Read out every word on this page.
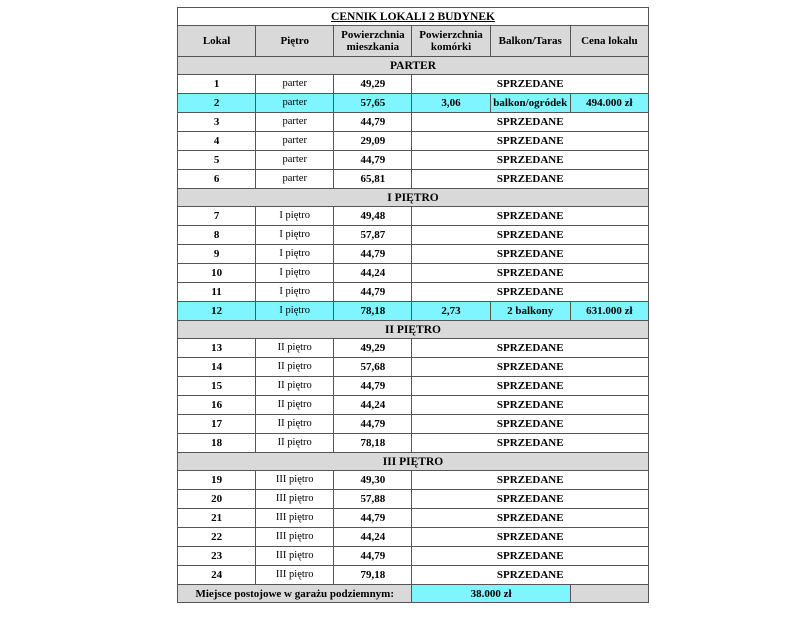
CENNIK LOKALI 2 BUDYNEK					
Lokal	Piętro	Powierzchnia mieszkania	Powierzchnia komórki	Balkon/Taras	Cena lokalu
PARTER					
1	parter	49,29	SPRZEDANE		
2	parter	57,65	3,06	balkon/ogródek	494.000 zł
3	parter	44,79	SPRZEDANE		
4	parter	29,09	SPRZEDANE		
5	parter	44,79	SPRZEDANE		
6	parter	65,81	SPRZEDANE		
I PIĘTRO					
7	I piętro	49,48	SPRZEDANE		
8	I piętro	57,87	SPRZEDANE		
9	I piętro	44,79	SPRZEDANE		
10	I piętro	44,24	SPRZEDANE		
11	I piętro	44,79	SPRZEDANE		
12	I piętro	78,18	2,73	2 balkony	631.000 zł
II PIĘTRO					
13	II piętro	49,29	SPRZEDANE		
14	II piętro	57,68	SPRZEDANE		
15	II piętro	44,79	SPRZEDANE		
16	II piętro	44,24	SPRZEDANE		
17	II piętro	44,79	SPRZEDANE		
18	II piętro	78,18	SPRZEDANE		
III PIĘTRO					
19	III piętro	49,30	SPRZEDANE		
20	III piętro	57,88	SPRZEDANE		
21	III piętro	44,79	SPRZEDANE		
22	III piętro	44,24	SPRZEDANE		
23	III piętro	44,79	SPRZEDANE		
24	III piętro	79,18	SPRZEDANE		
Miejsce postojowe w garażu podziemnym:			38.000 zł		
